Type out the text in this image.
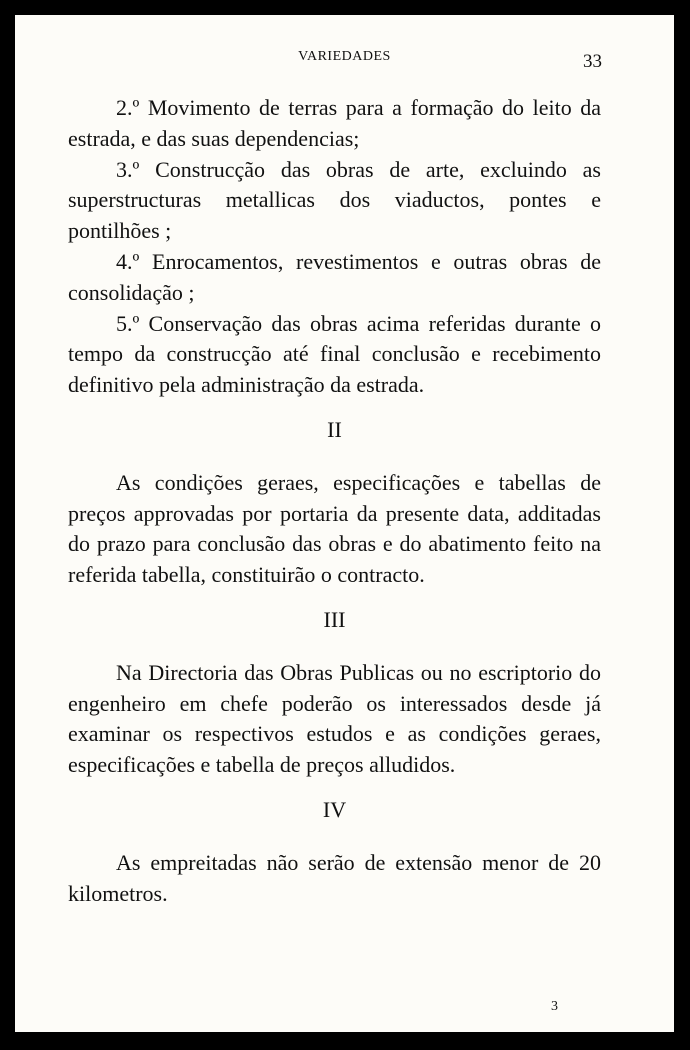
VARIEDADES	33

2.º Movimento de terras para a formação do leito da estrada, e das suas dependencias;

3.º Construcção das obras de arte, excluindo as superstructuras metallicas dos viaductos, pontes e pontilhões ;

4.º Enrocamentos, revestimentos e outras obras de consolidação ;

5.º Conservação das obras acima referidas durante o tempo da construcção até final conclusão e recebimento definitivo pela administração da estrada.

II

As condições geraes, especificações e tabellas de preços approvadas por portaria da presente data, additadas do prazo para conclusão das obras e do abatimento feito na referida tabella, constituirão o contracto.

III

Na Directoria das Obras Publicas ou no escriptorio do engenheiro em chefe poderão os interessados desde já examinar os respectivos estudos e as condições geraes, especificações e tabella de preços alludidos.

IV

As empreitadas não serão de extensão menor de 20 kilometros.

3
